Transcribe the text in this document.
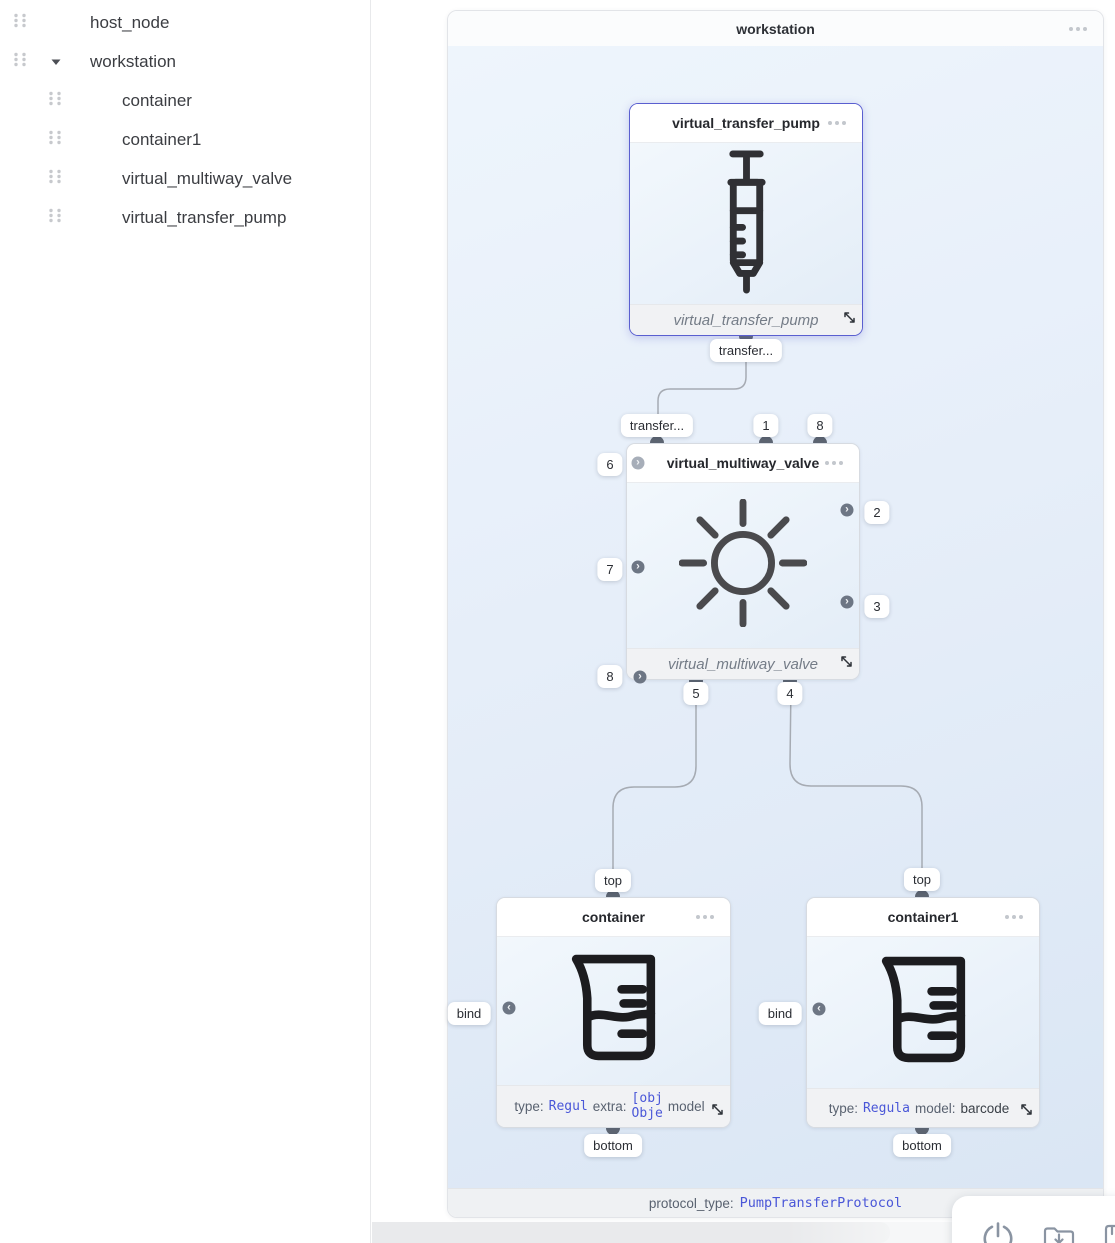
host_node
workstation
container
container1
virtual_multiway_valve
virtual_transfer_pump
workstation
protocol_type: PumpTransferProtocol
virtual_transfer_pump
virtual_transfer_pump
virtual_multiway_valve
virtual_multiway_valve
›
›
›
›
›
container
type: Regul extra:
[obj
Obje model
container1
type: Regula model: barcode
‹	‹
transfer...
transfer...	1	8
6
7
8
2
3
5	4
top
bind
bottom
top
bind
bottom
